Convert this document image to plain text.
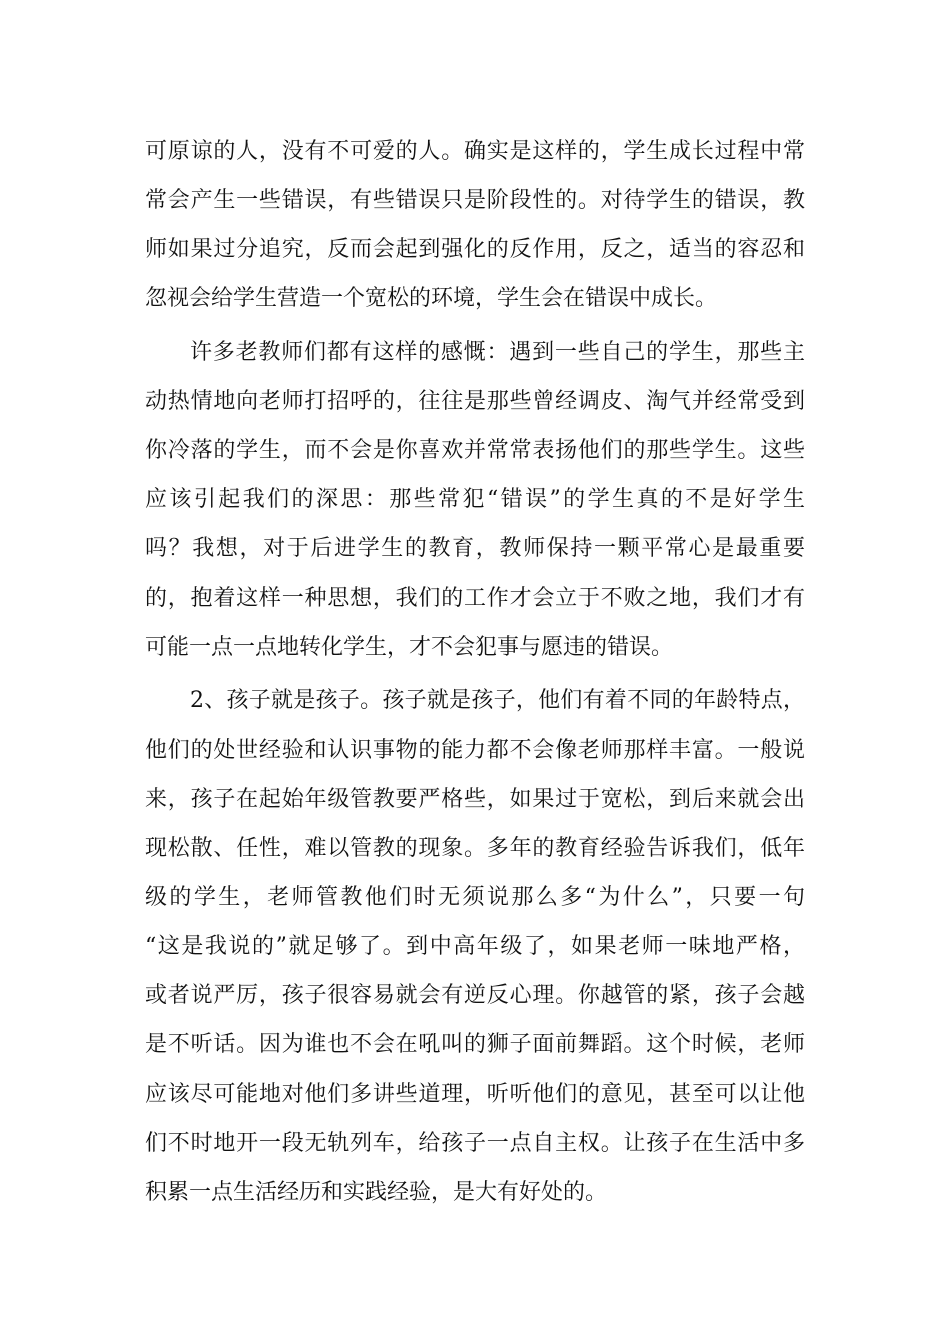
可原谅的人，没有不可爱的人。确实是这样的，学生成长过程中常
常会产生一些错误，有些错误只是阶段性的。对待学生的错误，教
师如果过分追究，反而会起到强化的反作用，反之，适当的容忍和
忽视会给学生营造一个宽松的环境，学生会在错误中成长。
许多老教师们都有这样的感慨：遇到一些自己的学生，那些主
动热情地向老师打招呼的，往往是那些曾经调皮、淘气并经常受到
你冷落的学生，而不会是你喜欢并常常表扬他们的那些学生。这些
应该引起我们的深思：那些常犯“错误”的学生真的不是好学生
吗？我想，对于后进学生的教育，教师保持一颗平常心是最重要
的，抱着这样一种思想，我们的工作才会立于不败之地，我们才有
可能一点一点地转化学生，才不会犯事与愿违的错误。
2、孩子就是孩子。孩子就是孩子，他们有着不同的年龄特点，
他们的处世经验和认识事物的能力都不会像老师那样丰富。一般说
来，孩子在起始年级管教要严格些，如果过于宽松，到后来就会出
现松散、任性，难以管教的现象。多年的教育经验告诉我们，低年
级的学生，老师管教他们时无须说那么多“为什么”，只要一句
“这是我说的”就足够了。到中高年级了，如果老师一味地严格，
或者说严厉，孩子很容易就会有逆反心理。你越管的紧，孩子会越
是不听话。因为谁也不会在吼叫的狮子面前舞蹈。这个时候，老师
应该尽可能地对他们多讲些道理，听听他们的意见，甚至可以让他
们不时地开一段无轨列车，给孩子一点自主权。让孩子在生活中多
积累一点生活经历和实践经验，是大有好处的。
